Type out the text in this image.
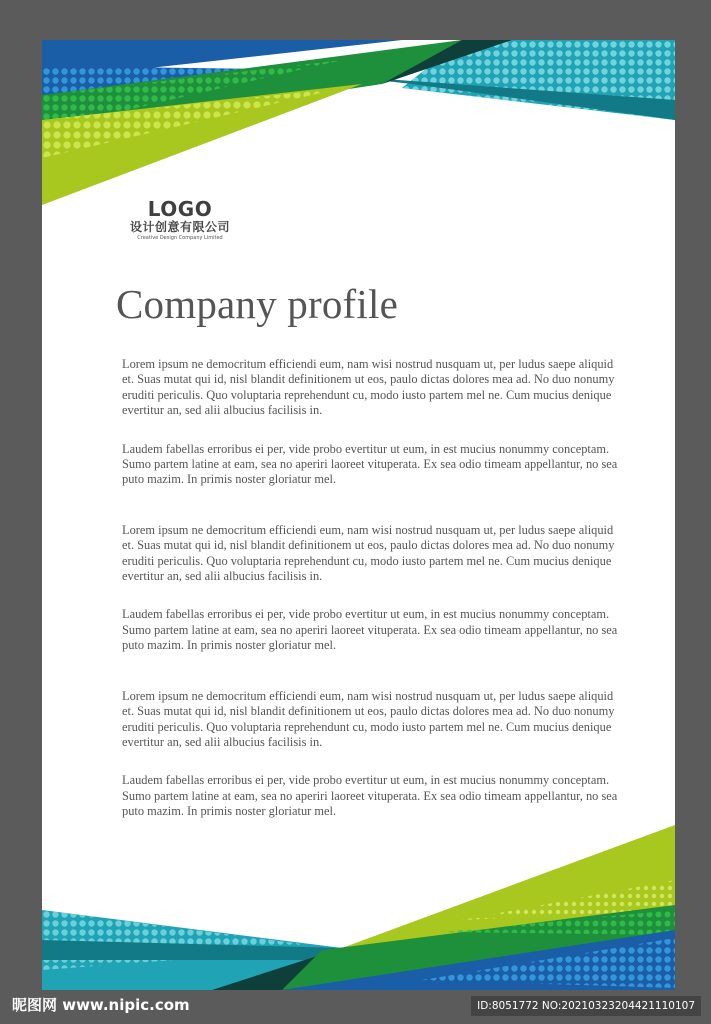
LOGO
设计创意有限公司
Creative Design Company Limited
Company profile

Lorem ipsum ne democritum efficiendi eum, nam wisi nostrud nusquam ut, per ludus saepe aliquid et. Suas mutat qui id, nisl blandit definitionem ut eos, paulo dictas dolores mea ad. No duo nonumy eruditi periculis. Quo voluptaria reprehendunt cu, modo iusto partem mel ne. Cum mucius denique evertitur an, sed alii albucius facilisis in.

Laudem fabellas erroribus ei per, vide probo evertitur ut eum, in est mucius nonummy conceptam. Sumo partem latine at eam, sea no aperiri laoreet vituperata. Ex sea odio timeam appellantur, no sea puto mazim. In primis noster gloriatur mel.

Lorem ipsum ne democritum efficiendi eum, nam wisi nostrud nusquam ut, per ludus saepe aliquid et. Suas mutat qui id, nisl blandit definitionem ut eos, paulo dictas dolores mea ad. No duo nonumy eruditi periculis. Quo voluptaria reprehendunt cu, modo iusto partem mel ne. Cum mucius denique evertitur an, sed alii albucius facilisis in.

Laudem fabellas erroribus ei per, vide probo evertitur ut eum, in est mucius nonummy conceptam. Sumo partem latine at eam, sea no aperiri laoreet vituperata. Ex sea odio timeam appellantur, no sea puto mazim. In primis noster gloriatur mel.

Lorem ipsum ne democritum efficiendi eum, nam wisi nostrud nusquam ut, per ludus saepe aliquid et. Suas mutat qui id, nisl blandit definitionem ut eos, paulo dictas dolores mea ad. No duo nonumy eruditi periculis. Quo voluptaria reprehendunt cu, modo iusto partem mel ne. Cum mucius denique evertitur an, sed alii albucius facilisis in.

Laudem fabellas erroribus ei per, vide probo evertitur ut eum, in est mucius nonummy conceptam. Sumo partem latine at eam, sea no aperiri laoreet vituperata. Ex sea odio timeam appellantur, no sea puto mazim. In primis noster gloriatur mel.

昵图网 www.nipic.com	ID:8051772 NO:20210323204421110107
